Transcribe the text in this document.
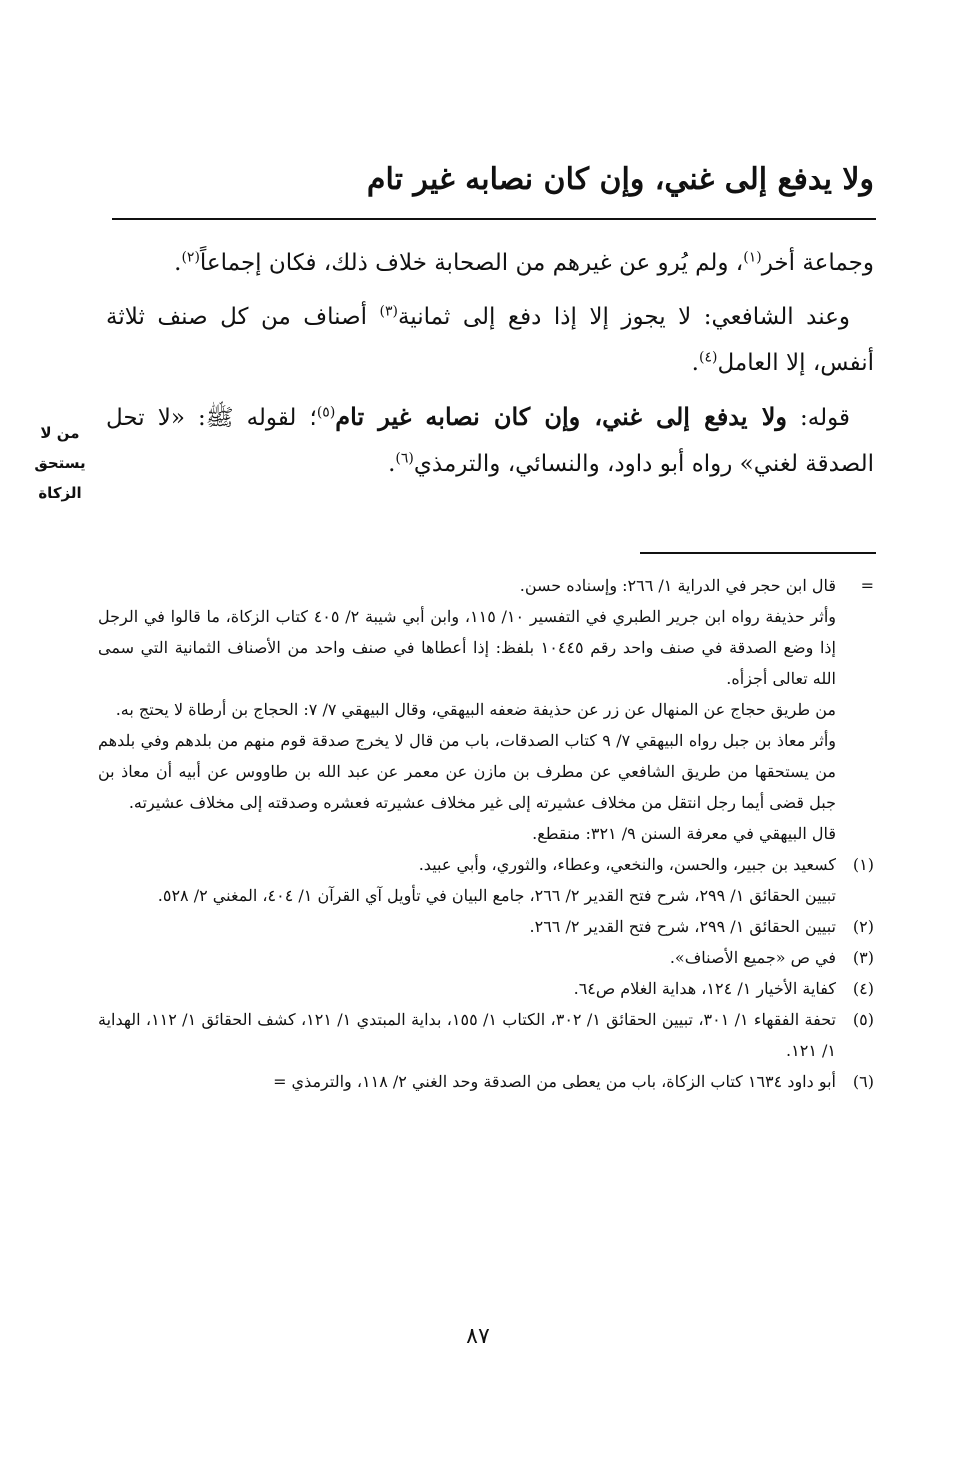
ولا يدفع إلى غني، وإن كان نصابه غير تام
من لا
يستحق
الزكاة

وجماعة أخر$^{(١)}$، ولم يُرو عن غيرهم من الصحابة خلاف ذلك، فكان إجماعاً$^{(٢)}$.

وعند الشافعي: لا يجوز إلا إذا دفع إلى ثمانية$^{(٣)}$ أصناف من كل صنف ثلاثة أنفس، إلا العامل$^{(٤)}$.

قوله: ولا يدفع إلى غني، وإن كان نصابه غير تام$^{(٥)}$؛ لقوله ﷺ: «لا تحل الصدقة لغني» رواه أبو داود، والنسائي، والترمذي$^{(٦)}$.

=

قال ابن حجر في الدراية ١/ ٢٦٦: وإسناده حسن.

وأثر حذيفة رواه ابن جرير الطبري في التفسير ١٠/ ١١٥، وابن أبي شيبة ٢/ ٤٠٥ كتاب الزكاة، ما قالوا في الرجل إذا وضع الصدقة في صنف واحد رقم ١٠٤٤٥ بلفظ: إذا أعطاها في صنف واحد من الأصناف الثمانية التي سمى الله تعالى أجزأه.

من طريق حجاج عن المنهال عن زر عن حذيفة ضعفه البيهقي، وقال البيهقي ٧/ ٧: الحجاج بن أرطاة لا يحتج به.

وأثر معاذ بن جبل رواه البيهقي ٧/ ٩ كتاب الصدقات، باب من قال لا يخرج صدقة قوم منهم من بلدهم وفي بلدهم من يستحقها من طريق الشافعي عن مطرف بن مازن عن معمر عن عبد الله بن طاووس عن أبيه أن معاذ بن جبل قضى أيما رجل انتقل من مخلاف عشيرته إلى غير مخلاف عشيرته فعشره وصدقته إلى مخلاف عشيرته.

قال البيهقي في معرفة السنن ٩/ ٣٢١: منقطع.

(١)

كسعيد بن جبير، والحسن، والنخعي، وعطاء، والثوري، وأبي عبيد.

تبيين الحقائق ١/ ٢٩٩، شرح فتح القدير ٢/ ٢٦٦، جامع البيان في تأويل آي القرآن ١/ ٤٠٤، المغني ٢/ ٥٢٨.

(٢)

تبيين الحقائق ١/ ٢٩٩، شرح فتح القدير ٢/ ٢٦٦.

(٣)

في ص «جميع الأصناف».

(٤)

كفاية الأخيار ١/ ١٢٤، هداية الغلام ص٦٤.

(٥)

تحفة الفقهاء ١/ ٣٠١، تبيين الحقائق ١/ ٣٠٢، الكتاب ١/ ١٥٥، بداية المبتدي ١/ ١٢١، كشف الحقائق ١/ ١١٢، الهداية ١/ ١٢١.

(٦)

أبو داود ١٦٣٤ كتاب الزكاة، باب من يعطى من الصدقة وحد الغني ٢/ ١١٨، والترمذي =

٨٧
